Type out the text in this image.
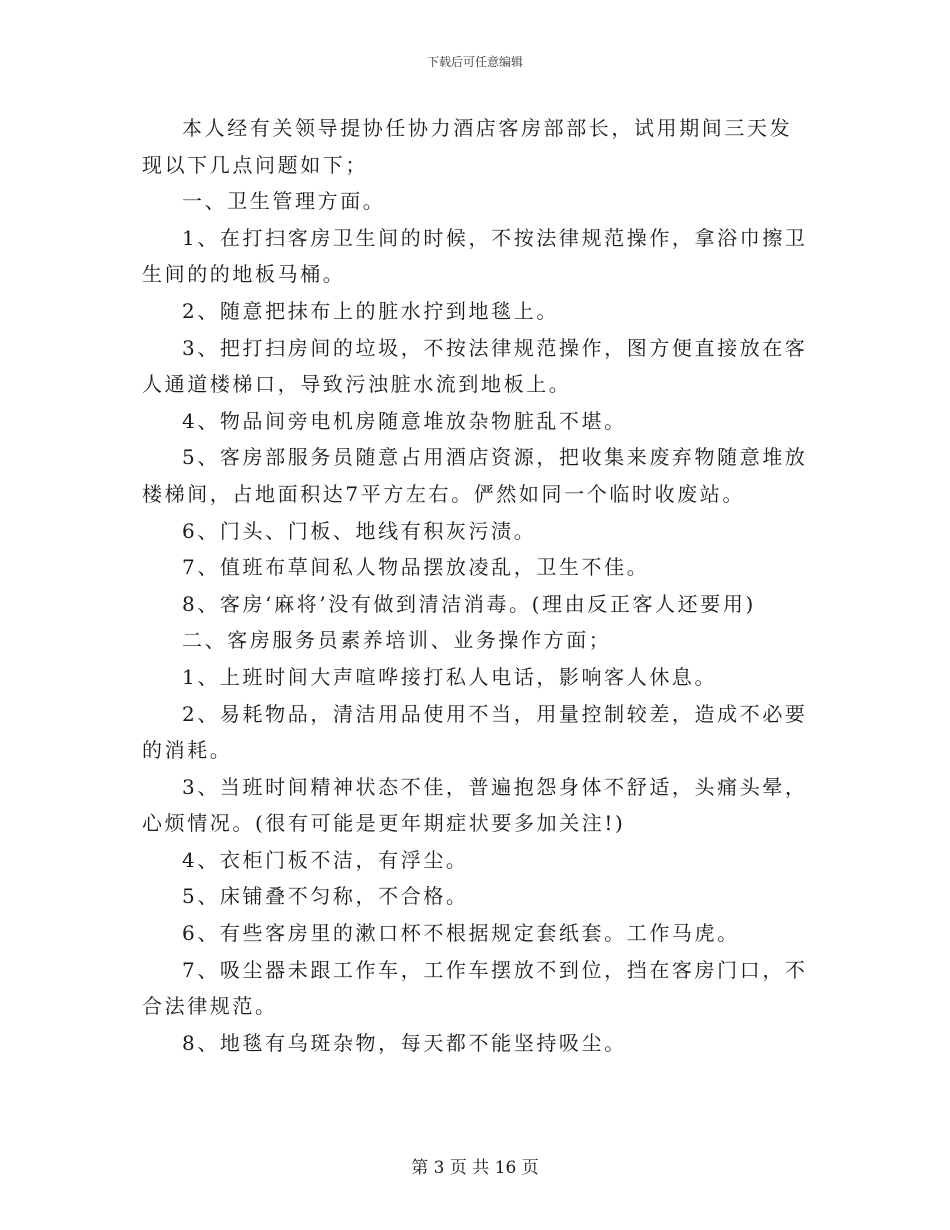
下载后可任意编辑

本人经有关领导提协任协力酒店客房部部长，试用期间三天发现以下几点问题如下；

一、卫生管理方面。

1、在打扫客房卫生间的时候，不按法律规范操作，拿浴巾擦卫生间的的地板马桶。

2、随意把抹布上的脏水拧到地毯上。

3、把打扫房间的垃圾，不按法律规范操作，图方便直接放在客人通道楼梯口，导致污浊脏水流到地板上。

4、物品间旁电机房随意堆放杂物脏乱不堪。

5、客房部服务员随意占用酒店资源，把收集来废弃物随意堆放楼梯间，占地面积达7平方左右。俨然如同一个临时收废站。

6、门头、门板、地线有积灰污渍。

7、值班布草间私人物品摆放凌乱，卫生不佳。

8、客房‘麻将’没有做到清洁消毒。(理由反正客人还要用)

二、客房服务员素养培训、业务操作方面；

1、上班时间大声喧哗接打私人电话，影响客人休息。

2、易耗物品，清洁用品使用不当，用量控制较差，造成不必要的消耗。

3、当班时间精神状态不佳，普遍抱怨身体不舒适，头痛头晕，心烦情况。(很有可能是更年期症状要多加关注!)

4、衣柜门板不洁，有浮尘。

5、床铺叠不匀称，不合格。

6、有些客房里的漱口杯不根据规定套纸套。工作马虎。

7、吸尘器未跟工作车，工作车摆放不到位，挡在客房门口，不合法律规范。

8、地毯有乌斑杂物，每天都不能坚持吸尘。

第 3 页 共 16 页
